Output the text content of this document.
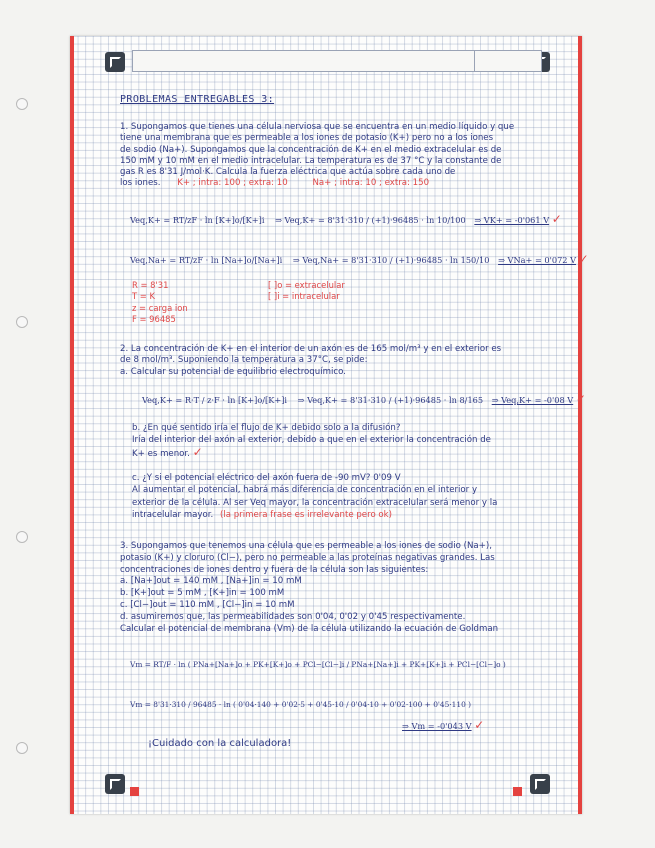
PROBLEMAS ENTREGABLES 3:
1. Supongamos que tienes una célula nerviosa que se encuentra en un medio líquido y que
tiene una membrana que es permeable a los iones de potasio (K+) pero no a los iones
de sodio (Na+). Supongamos que la concentración de K+ en el medio extracelular es de
150 mM y 10 mM en el medio intracelular. La temperatura es de 37 °C y la constante de
gas R es 8'31 J/mol·K. Calcula la fuerza eléctrica que actúa sobre cada uno de
los iones. K+ ; intra: 100 ; extra: 10	Na+ ; intra: 10 ; extra: 150
Veq,K+ = RT/zF · ln [K+]o/[K+]i ⇒ Veq,K+ = 8'31·310 / (+1)·96485 · ln 10/100 ⇒ VK+ = -0'061 V ✓
Veq,Na+ = RT/zF · ln [Na+]o/[Na+]i ⇒ Veq,Na+ = 8'31·310 / (+1)·96485 · ln 150/10 ⇒ VNa+ = 0'072 V ✓
R = 8'31
T = K
z = carga ion
F = 96485
[ ]o = extracelular
[ ]i = intracelular
2. La concentración de K+ en el interior de un axón es de 165 mol/m³ y en el exterior es
de 8 mol/m³. Suponiendo la temperatura a 37°C, se pide:
a. Calcular su potencial de equilibrio electroquímico.
Veq,K+ = R·T / z·F · ln [K+]o/[K+]i ⇒ Veq,K+ = 8'31·310 / (+1)·96485 · ln 8/165 ⇒ Veq,K+ = -0'08 V ✓
b. ¿En qué sentido iría el flujo de K+ debido solo a la difusión?
Iría del interior del axón al exterior, debido a que en el exterior la concentración de
K+ es menor. ✓
c. ¿Y si el potencial eléctrico del axón fuera de -90 mV? 0'09 V
Al aumentar el potencial, habrá más diferencia de concentración en el interior y
exterior de la célula. Al ser Veq mayor, la concentración extracelular será menor y la
intracelular mayor. (la primera frase es irrelevante pero ok)
3. Supongamos que tenemos una célula que es permeable a los iones de sodio (Na+),
potasio (K+) y cloruro (Cl−), pero no permeable a las proteínas negativas grandes. Las
concentraciones de iones dentro y fuera de la célula son las siguientes:
a. [Na+]out = 140 mM , [Na+]in = 10 mM
b. [K+]out = 5 mM , [K+]in = 100 mM
c. [Cl−]out = 110 mM , [Cl−]in = 10 mM
d. asumiremos que, las permeabilidades son 0'04, 0'02 y 0'45 respectivamente.
Calcular el potencial de membrana (Vm) de la célula utilizando la ecuación de Goldman
Vm = RT/F · ln ( PNa+[Na+]o + PK+[K+]o + PCl−[Cl−]i / PNa+[Na+]i + PK+[K+]i + PCl−[Cl−]o )
Vm = 8'31·310 / 96485 · ln ( 0'04·140 + 0'02·5 + 0'45·10 / 0'04·10 + 0'02·100 + 0'45·110 )
⇒ Vm = -0'043 V ✓
¡Cuidado con la calculadora!
